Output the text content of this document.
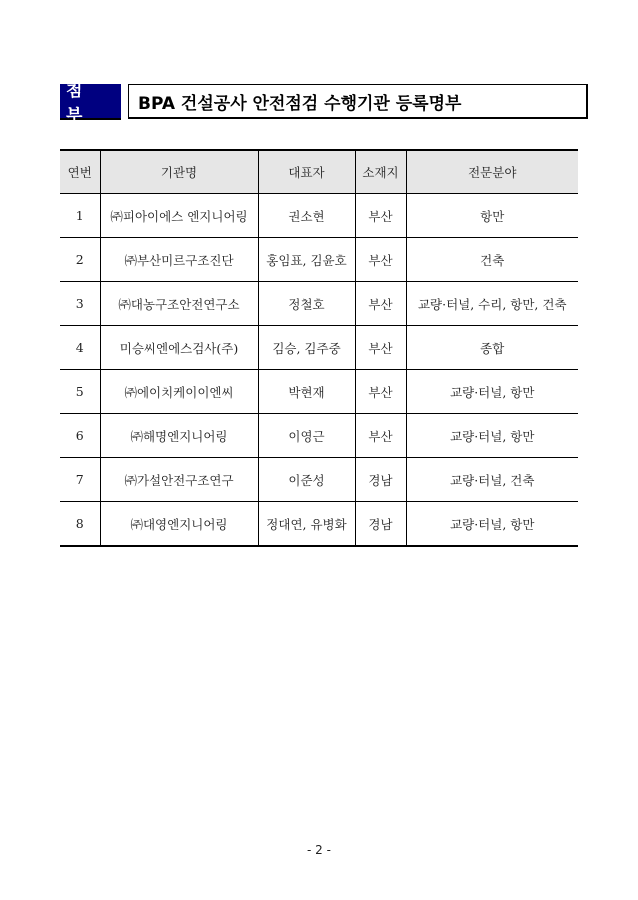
첨 부
BPA 건설공사 안전점검 수행기관 등록명부
연번	기관명	대표자	소재지	전문분야
1	㈜피아이에스 엔지니어링	권소현	부산	항만
2	㈜부산미르구조진단	홍임표, 김윤호	부산	건축
3	㈜대농구조안전연구소	정철호	부산	교량·터널, 수리, 항만, 건축
4	미승씨엔에스검사(주)	김승, 김주중	부산	종합
5	㈜에이치케이이엔씨	박현재	부산	교량·터널, 항만
6	㈜해명엔지니어링	이영근	부산	교량·터널, 항만
7	㈜가설안전구조연구	이준성	경남	교량·터널, 건축
8	㈜대영엔지니어링	정대연, 유병화	경남	교량·터널, 항만
- 2 -
